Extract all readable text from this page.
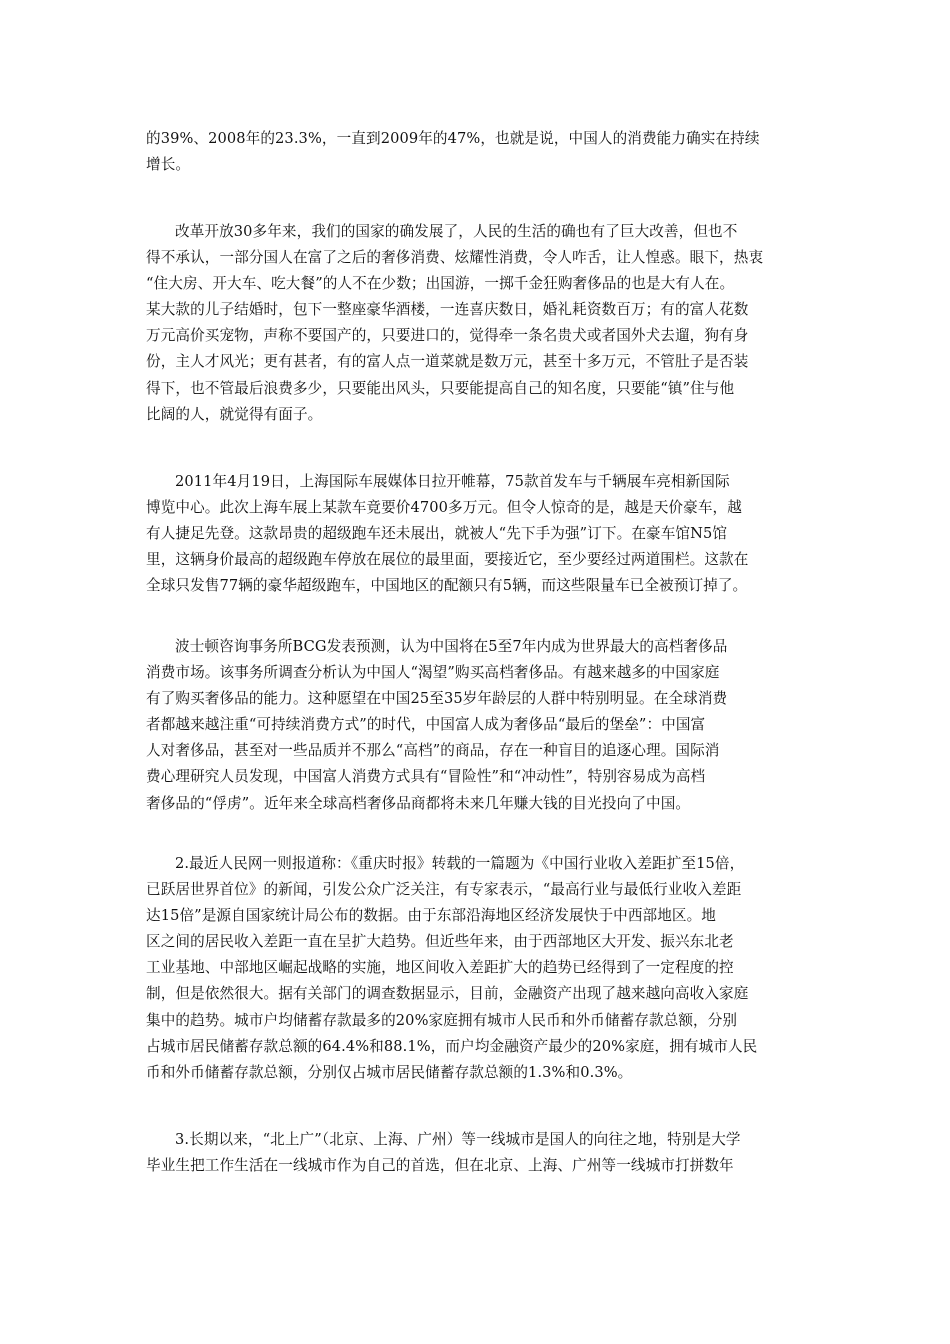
的39%、2008年的23.3%，一直到2009年的47%，也就是说，中国人的消费能力确实在持续
增长。

改革开放30多年来，我们的国家的确发展了，人民的生活的确也有了巨大改善，但也不
得不承认，一部分国人在富了之后的奢侈消费、炫耀性消费，令人咋舌，让人惶惑。眼下，热衷
“住大房、开大车、吃大餐”的人不在少数；出国游，一掷千金狂购奢侈品的也是大有人在。
某大款的儿子结婚时，包下一整座豪华酒楼，一连喜庆数日，婚礼耗资数百万；有的富人花数
万元高价买宠物，声称不要国产的，只要进口的，觉得牵一条名贵犬或者国外犬去遛，狗有身
份，主人才风光；更有甚者，有的富人点一道菜就是数万元，甚至十多万元，不管肚子是否装
得下，也不管最后浪费多少，只要能出风头，只要能提高自己的知名度，只要能“镇”住与他
比阔的人，就觉得有面子。

2011年4月19日，上海国际车展媒体日拉开帷幕，75款首发车与千辆展车亮相新国际
博览中心。此次上海车展上某款车竟要价4700多万元。但令人惊奇的是，越是天价豪车，越
有人捷足先登。这款昂贵的超级跑车还未展出，就被人“先下手为强”订下。在豪车馆N5馆
里，这辆身价最高的超级跑车停放在展位的最里面，要接近它，至少要经过两道围栏。这款在
全球只发售77辆的豪华超级跑车，中国地区的配额只有5辆，而这些限量车已全被预订掉了。

波士顿咨询事务所BCG发表预测，认为中国将在5至7年内成为世界最大的高档奢侈品
消费市场。该事务所调查分析认为中国人“渴望”购买高档奢侈品。有越来越多的中国家庭
有了购买奢侈品的能力。这种愿望在中国25至35岁年龄层的人群中特别明显。在全球消费
者都越来越注重“可持续消费方式”的时代，中国富人成为奢侈品“最后的堡垒”：中国富
人对奢侈品，甚至对一些品质并不那么“高档”的商品，存在一种盲目的追逐心理。国际消
费心理研究人员发现，中国富人消费方式具有“冒险性”和“冲动性”，特别容易成为高档
奢侈品的“俘虏”。近年来全球高档奢侈品商都将未来几年赚大钱的目光投向了中国。

2.最近人民网一则报道称：《重庆时报》转载的一篇题为《中国行业收入差距扩至15倍，
已跃居世界首位》的新闻，引发公众广泛关注，有专家表示，“最高行业与最低行业收入差距
达15倍”是源自国家统计局公布的数据。由于东部沿海地区经济发展快于中西部地区。地
区之间的居民收入差距一直在呈扩大趋势。但近些年来，由于西部地区大开发、振兴东北老
工业基地、中部地区崛起战略的实施，地区间收入差距扩大的趋势已经得到了一定程度的控
制，但是依然很大。据有关部门的调查数据显示，目前，金融资产出现了越来越向高收入家庭
集中的趋势。城市户均储蓄存款最多的20%家庭拥有城市人民币和外币储蓄存款总额，分别
占城市居民储蓄存款总额的64.4%和88.1%，而户均金融资产最少的20%家庭，拥有城市人民
币和外币储蓄存款总额，分别仅占城市居民储蓄存款总额的1.3%和0.3%。

3.长期以来，“北上广”（北京、上海、广州）等一线城市是国人的向往之地，特别是大学
毕业生把工作生活在一线城市作为自己的首选，但在北京、上海、广州等一线城市打拼数年
